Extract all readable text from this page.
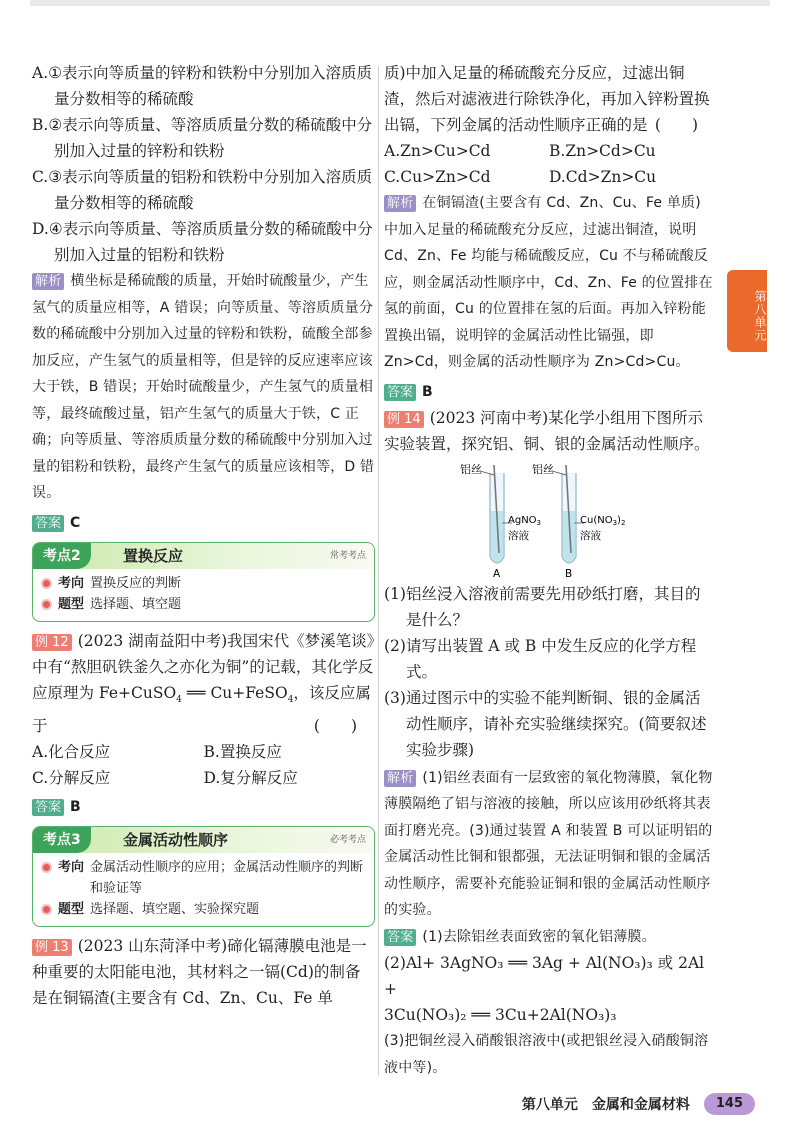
A.①表示向等质量的锌粉和铁粉中分别加入溶质质量分数相等的稀硫酸

B.②表示向等质量、等溶质质量分数的稀硫酸中分别加入过量的锌粉和铁粉

C.③表示向等质量的铝粉和铁粉中分别加入溶质质量分数相等的稀硫酸

D.④表示向等质量、等溶质质量分数的稀硫酸中分别加入过量的铝粉和铁粉

解析 横坐标是稀硫酸的质量，开始时硫酸量少，产生氢气的质量应相等，A 错误；向等质量、等溶质质量分数的稀硫酸中分别加入过量的锌粉和铁粉，硫酸全部参加反应，产生氢气的质量相等，但是锌的反应速率应该大于铁，B 错误；开始时硫酸量少，产生氢气的质量相等，最终硫酸过量，铝产生氢气的质量大于铁，C 正确；向等质量、等溶质质量分数的稀硫酸中分别加入过量的铝粉和铁粉，最终产生氢气的质量应该相等，D 错误。

答案 C

考点2	置换反应	常考考点
考向 置换反应的判断
题型 选择题、填空题

例 12 (2023 湖南益阳中考)我国宋代《梦溪笔谈》中有“熬胆矾铁釜久之亦化为铜”的记载，其化学反应原理为 Fe+CuSO$_4$ ══ Cu+FeSO$_4$，该反应属于	(　　)

A.化合反应	B.置换反应
C.分解反应	D.复分解反应

答案 B

考点3	金属活动性顺序	必考考点
考向 金属活动性顺序的应用；金属活动性顺序的判断和验证等
题型 选择题、填空题、实验探究题

例 13 (2023 山东菏泽中考)碲化镉薄膜电池是一种重要的太阳能电池，其材料之一镉(Cd)的制备是在铜镉渣(主要含有 Cd、Zn、Cu、Fe 单

质)中加入足量的稀硫酸充分反应，过滤出铜渣，然后对滤液进行除铁净化，再加入锌粉置换出镉，下列金属的活动性顺序正确的是 (　　)

A.Zn>Cu>Cd	B.Zn>Cd>Cu
C.Cu>Zn>Cd	D.Cd>Zn>Cu

解析 在铜镉渣(主要含有 Cd、Zn、Cu、Fe 单质)中加入足量的稀硫酸充分反应，过滤出铜渣，说明 Cd、Zn、Fe 均能与稀硫酸反应，Cu 不与稀硫酸反应，则金属活动性顺序中，Cd、Zn、Fe 的位置排在氢的前面，Cu 的位置排在氢的后面。再加入锌粉能置换出镉，说明锌的金属活动性比镉强，即 Zn>Cd，则金属的活动性顺序为 Zn>Cd>Cu。

答案 B

例 14 (2023 河南中考)某化学小组用下图所示实验装置，探究铝、铜、银的金属活动性顺序。

铝丝	铝丝
AgNO$_3$
溶液
$Cu(NO_3)_2$
溶液
A	B

(1)铝丝浸入溶液前需要先用砂纸打磨，其目的是什么？

(2)请写出装置 A 或 B 中发生反应的化学方程式。

(3)通过图示中的实验不能判断铜、银的金属活动性顺序，请补充实验继续探究。(简要叙述实验步骤)

解析 (1)铝丝表面有一层致密的氧化物薄膜，氧化物薄膜隔绝了铝与溶液的接触，所以应该用砂纸将其表面打磨光亮。(3)通过装置 A 和装置 B 可以证明铝的金属活动性比铜和银都强，无法证明铜和银的金属活动性顺序，需要补充能验证铜和银的金属活动性顺序的实验。

答案 (1)去除铝丝表面致密的氧化铝薄膜。

(2)Al+ 3AgNO₃ ══ 3Ag + Al(NO₃)₃ 或 2Al +

3Cu(NO₃)₂ ══ 3Cu+2Al(NO₃)₃

(3)把铜丝浸入硝酸银溶液中(或把银丝浸入硝酸铜溶液中等)。

第八单元
第八单元 金属和金属材料	145
